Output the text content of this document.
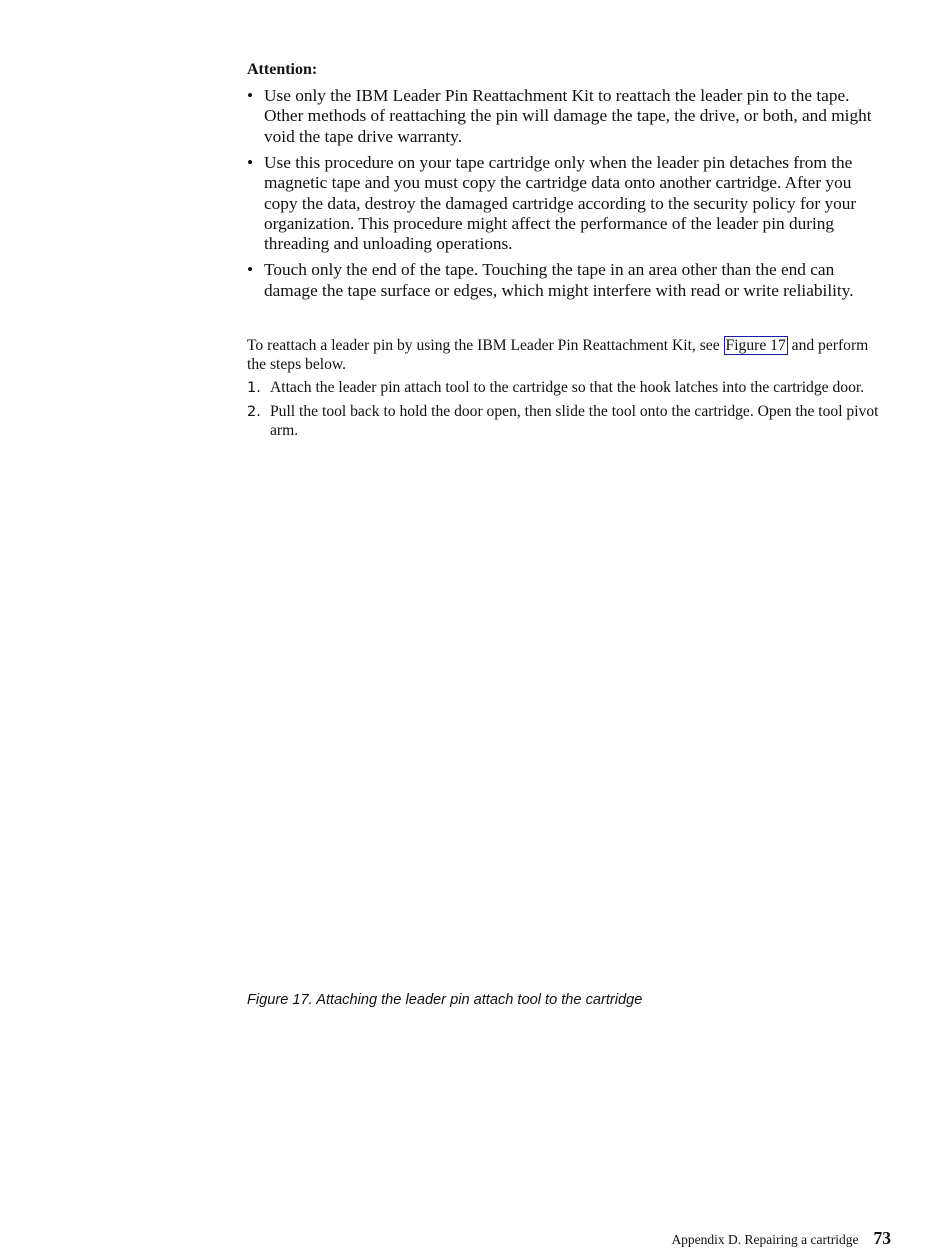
Attention:
• Use only the IBM Leader Pin Reattachment Kit to reattach the leader pin to the tape. Other methods of reattaching the pin will damage the tape, the drive, or both, and might void the tape drive warranty.
• Use this procedure on your tape cartridge only when the leader pin detaches from the magnetic tape and you must copy the cartridge data onto another cartridge. After you copy the data, destroy the damaged cartridge according to the security policy for your organization. This procedure might affect the performance of the leader pin during threading and unloading operations.
• Touch only the end of the tape. Touching the tape in an area other than the end can damage the tape surface or edges, which might interfere with read or write reliability.

To reattach a leader pin by using the IBM Leader Pin Reattachment Kit, see Figure 17 and perform the steps below.

1. Attach the leader pin attach tool to the cartridge so that the hook latches into the cartridge door.
2. Pull the tool back to hold the door open, then slide the tool onto the cartridge. Open the tool pivot arm.

Figure 17. Attaching the leader pin attach tool to the cartridge

Appendix D. Repairing a cartridge 73
